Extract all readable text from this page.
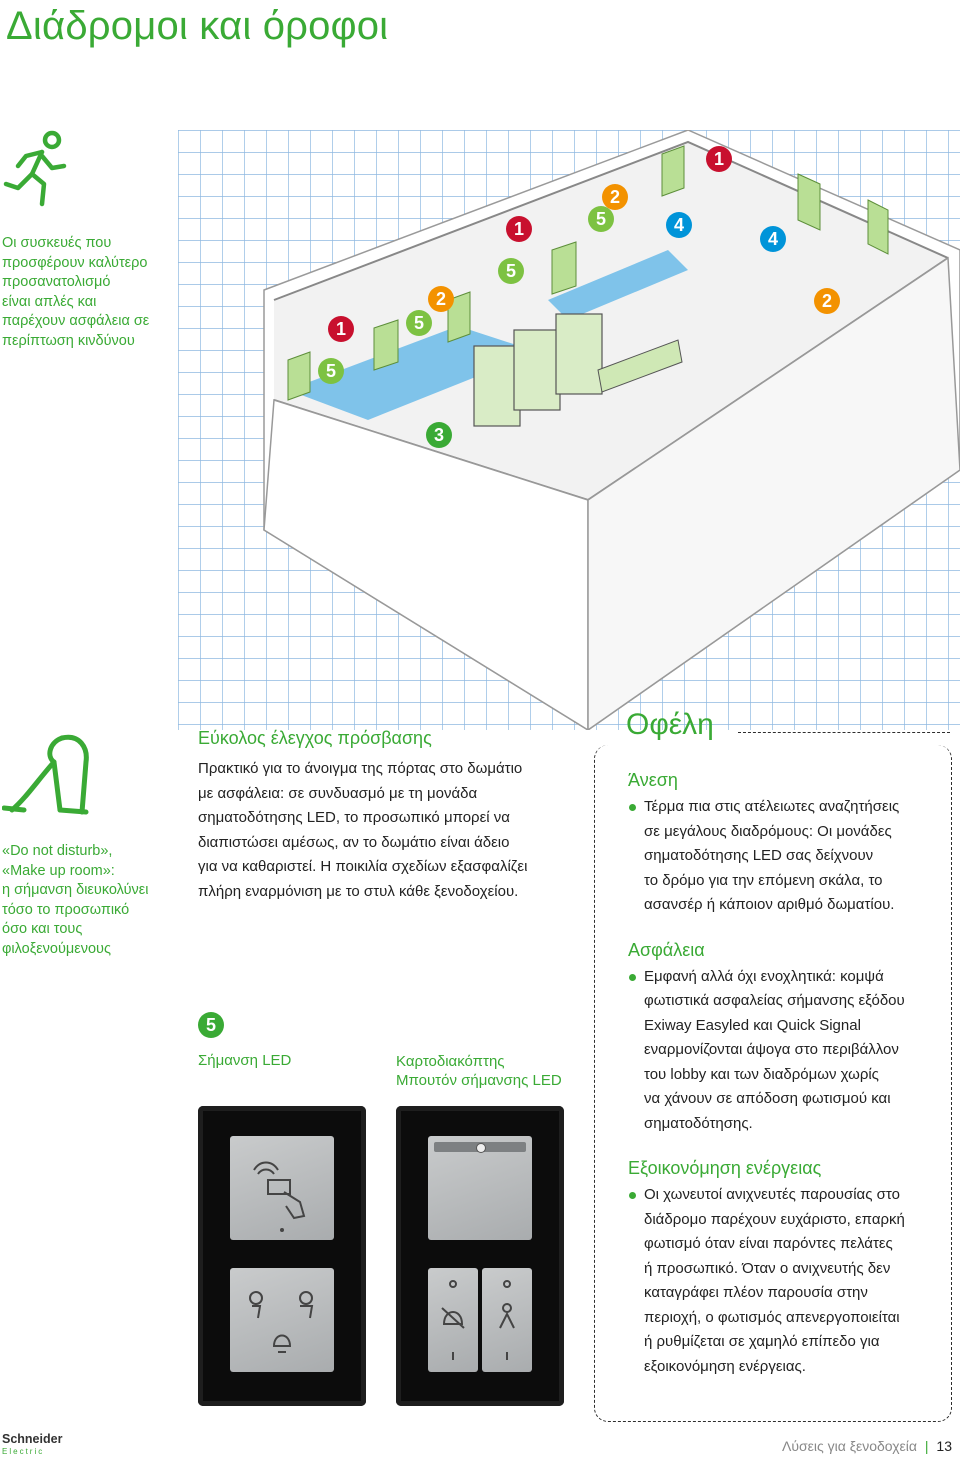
Διάδρομοι και όροφοι
Οι συσκευές που
προσφέρουν καλύτερο
προσανατολισμό
είναι απλές και
παρέχουν ασφάλεια σε
περίπτωση κινδύνου
1
5
5
2
1
5
2
5	4
1
4
2
3
«Do not disturb»,
«Make up room»:
η σήμανση διευκολύνει
τόσο το προσωπικό
όσο και τους
φιλοξενούμενους
Εύκολος έλεγχος πρόσβασης
Πρακτικό για το άνοιγμα της πόρτας στο δωμάτιο
με ασφάλεια: σε συνδυασμό με τη μονάδα
σηματοδότησης LED, το προσωπικό μπορεί να
διαπιστώσει αμέσως, αν το δωμάτιο είναι άδειο
για να καθαριστεί. Η ποικιλία σχεδίων εξασφαλίζει
πλήρη εναρμόνιση με το στυλ κάθε ξενοδοχείου.
5
Σήμανση LED	Καρτοδιακόπτης
Μπουτόν σήμανσης LED
Οφέλη
Άνεση
Τέρμα πια στις ατέλειωτες αναζητήσεις
σε μεγάλους διαδρόμους: Οι μονάδες
σηματοδότησης LED σας δείχνουν
το δρόμο για την επόμενη σκάλα, το
ασανσέρ ή κάποιον αριθμό δωματίου.
Ασφάλεια
Εμφανή αλλά όχι ενοχλητικά: κομψά
φωτιστικά ασφαλείας σήμανσης εξόδου
Exiway Easyled και Quick Signal
εναρμονίζονται άψογα στο περιβάλλον
του lobby και των διαδρόμων χωρίς
να χάνουν σε απόδοση φωτισμού και
σηματοδότησης.
Εξοικονόμηση ενέργειας
Οι χωνευτοί ανιχνευτές παρουσίας στο
διάδρομο παρέχουν ευχάριστο, επαρκή
φωτισμό όταν είναι παρόντες πελάτες
ή προσωπικό. Όταν ο ανιχνευτής δεν
καταγράφει πλέον παρουσία στην
περιοχή, ο φωτισμός απενεργοποιείται
ή ρυθμίζεται σε χαμηλό επίπεδο για
εξοικονόμηση ενέργειας.
Schneider
Electric	Λύσεις για ξενοδοχεία | 13
